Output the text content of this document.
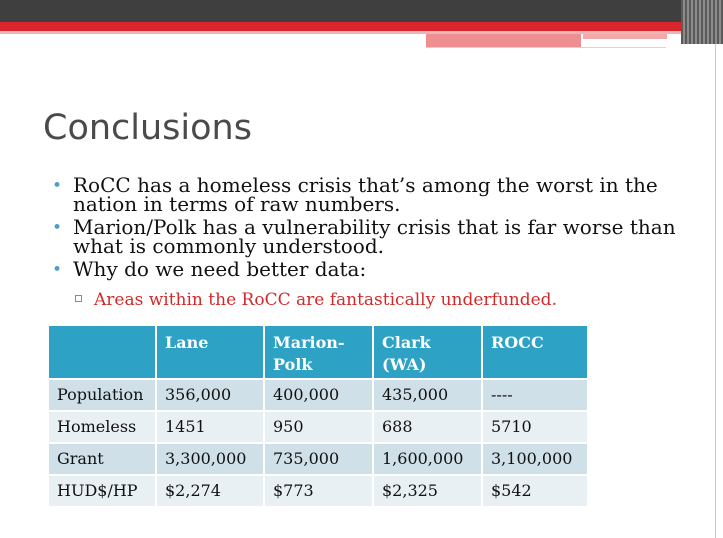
Conclusions
• RoCC has a homeless crisis that’s among the worst in the nation in terms of raw numbers.
• Marion/Polk has a vulnerability crisis that is far worse than what is commonly understood.
• Why do we need better data:
Areas within the RoCC are fantastically underfunded.
	Lane	Marion-Polk	Clark (WA)	ROCC
Population	356,000	400,000	435,000	----
Homeless	1451	950	688	5710
Grant	3,300,000	735,000	1,600,000	3,100,000
HUD$/HP	$2,274	$773	$2,325	$542
